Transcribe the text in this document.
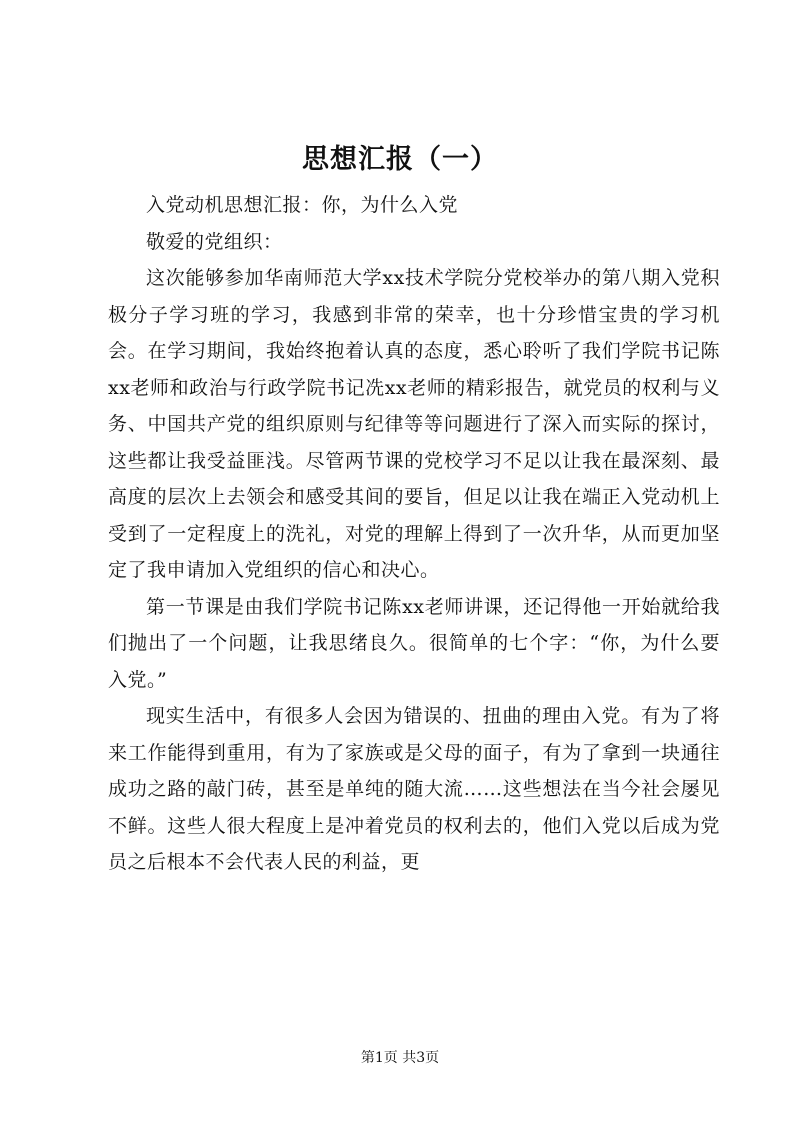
思想汇报（一）

入党动机思想汇报：你，为什么入党

敬爱的党组织：

这次能够参加华南师范大学xx技术学院分党校举办的第八期入党积极分子学习班的学习，我感到非常的荣幸，也十分珍惜宝贵的学习机会。在学习期间，我始终抱着认真的态度，悉心聆听了我们学院书记陈xx老师和政治与行政学院书记冼xx老师的精彩报告，就党员的权利与义务、中国共产党的组织原则与纪律等等问题进行了深入而实际的探讨，这些都让我受益匪浅。尽管两节课的党校学习不足以让我在最深刻、最高度的层次上去领会和感受其间的要旨，但足以让我在端正入党动机上受到了一定程度上的洗礼，对党的理解上得到了一次升华，从而更加坚定了我申请加入党组织的信心和决心。

第一节课是由我们学院书记陈xx老师讲课，还记得他一开始就给我们抛出了一个问题，让我思绪良久。很简单的七个字：“你，为什么要入党。”

现实生活中，有很多人会因为错误的、扭曲的理由入党。有为了将来工作能得到重用，有为了家族或是父母的面子，有为了拿到一块通往成功之路的敲门砖，甚至是单纯的随大流……这些想法在当今社会屡见不鲜。这些人很大程度上是冲着党员的权利去的，他们入党以后成为党员之后根本不会代表人民的利益，更

第1页 共3页
